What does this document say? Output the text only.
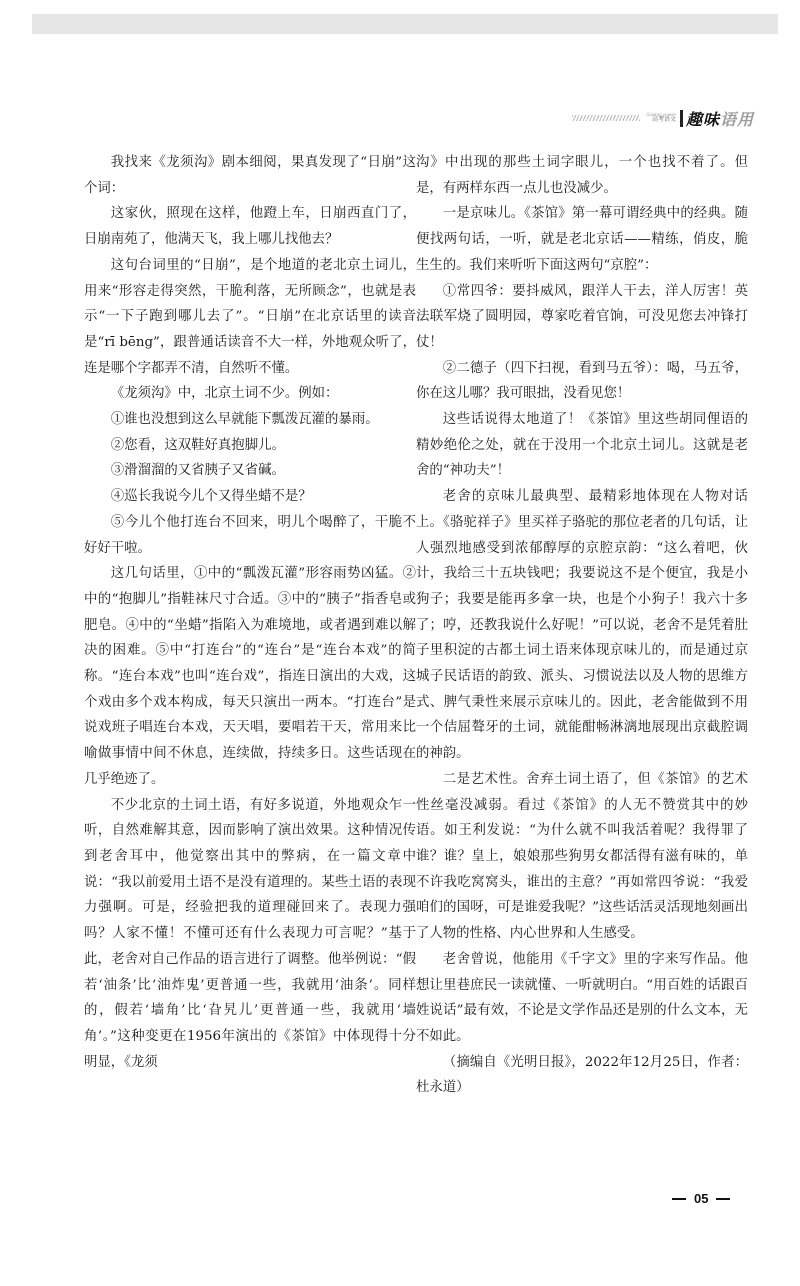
Gaokao yuwen
高考语文 趣味语用

我找来《龙须沟》剧本细阅，果真发现了“日崩”这个词：

这家伙，照现在这样，他蹬上车，日崩西直门了，日崩南苑了，他满天飞，我上哪儿找他去？

这句台词里的“日崩”，是个地道的老北京土词儿，用来“形容走得突然，干脆利落，无所顾念”，也就是表示“一下子跑到哪儿去了”。“日崩”在北京话里的读音是“rī bēng”，跟普通话读音不大一样，外地观众听了，连是哪个字都弄不清，自然听不懂。

《龙须沟》中，北京土词不少。例如：

①谁也没想到这么早就能下瓢泼瓦灌的暴雨。

②您看，这双鞋好真抱脚儿。

③滑溜溜的又省胰子又省碱。

④巡长我说今儿个又得坐蜡不是？

⑤今儿个他打连台不回来，明儿个喝醉了，干脆不好好干啦。

这几句话里，①中的“瓢泼瓦灌”形容雨势凶猛。②中的“抱脚儿”指鞋袜尺寸合适。③中的“胰子”指香皂或肥皂。④中的“坐蜡”指陷入为难境地，或者遇到难以解决的困难。⑤中“打连台”的“连台”是“连台本戏”的简称。“连台本戏”也叫“连台戏”，指连日演出的大戏，这个戏由多个戏本构成，每天只演出一两本。“打连台”是说戏班子唱连台本戏，天天唱，要唱若干天，常用来比喻做事情中间不休息，连续做，持续多日。这些话现在几乎绝迹了。

不少北京的土词土语，有好多说道，外地观众乍一听，自然难解其意，因而影响了演出效果。这种情况传到老舍耳中，他觉察出其中的弊病，在一篇文章中说：“我以前爱用土语不是没有道理的。某些土语的表现力强啊。可是，经验把我的道理碰回来了。表现力强吗？人家不懂！不懂可还有什么表现力可言呢？”基于此，老舍对自己作品的语言进行了调整。他举例说：“假若‘油条’比‘油炸鬼’更普通一些，我就用‘油条’。同样的，假若‘墙角’比‘旮旯儿’更普通一些，我就用‘墙角’。”这种变更在1956年演出的《茶馆》中体现得十分明显，《龙须

沟》中出现的那些土词字眼儿，一个也找不着了。但是，有两样东西一点儿也没减少。

一是京味儿。《茶馆》第一幕可谓经典中的经典。随便找两句话，一听，就是老北京话——精练，俏皮，脆生生的。我们来听听下面这两句“京腔”：

①常四爷：要抖威风，跟洋人干去，洋人厉害！英法联军烧了圆明园，尊家吃着官饷，可没见您去冲锋打仗！

②二德子（四下扫视，看到马五爷）：喝，马五爷，你在这儿哪？我可眼拙，没看见您！

这些话说得太地道了！《茶馆》里这些胡同俚语的精妙绝伦之处，就在于没用一个北京土词儿。这就是老舍的“神功夫”！

老舍的京味儿最典型、最精彩地体现在人物对话上。《骆驼祥子》里买祥子骆驼的那位老者的几句话，让人强烈地感受到浓郁醇厚的京腔京韵：“这么着吧，伙计，我给三十五块钱吧；我要说这不是个便宜，我是小狗子；我要是能再多拿一块，也是个小狗子！我六十多了；哼，还教我说什么好呢！”可以说，老舍不是凭着肚子里积淀的古都土词土语来体现京味儿的，而是通过京城子民话语的韵致、派头、习惯说法以及人物的思维方式、脾气秉性来展示京味儿的。因此，老舍能做到不用一个佶屈聱牙的土词，就能酣畅淋漓地展现出京截腔调的神韵。

二是艺术性。舍弃土词土语了，但《茶馆》的艺术性丝毫没减弱。看过《茶馆》的人无不赞赏其中的妙语。如王利发说：“为什么就不叫我活着呢？我得罪了谁？谁？皇上，娘娘那些狗男女都活得有滋有味的，单不许我吃窝窝头，谁出的主意？”再如常四爷说：“我爱咱们的国呀，可是谁爱我呢？”这些话活灵活现地刻画出了人物的性格、内心世界和人生感受。

老舍曾说，他能用《千字文》里的字来写作品。他想让里巷庶民一读就懂、一听就明白。“用百姓的话跟百姓说话”最有效，不论是文学作品还是别的什么文本，无不如此。

（摘编自《光明日报》，2022年12月25日，作者：杜永道）

05
